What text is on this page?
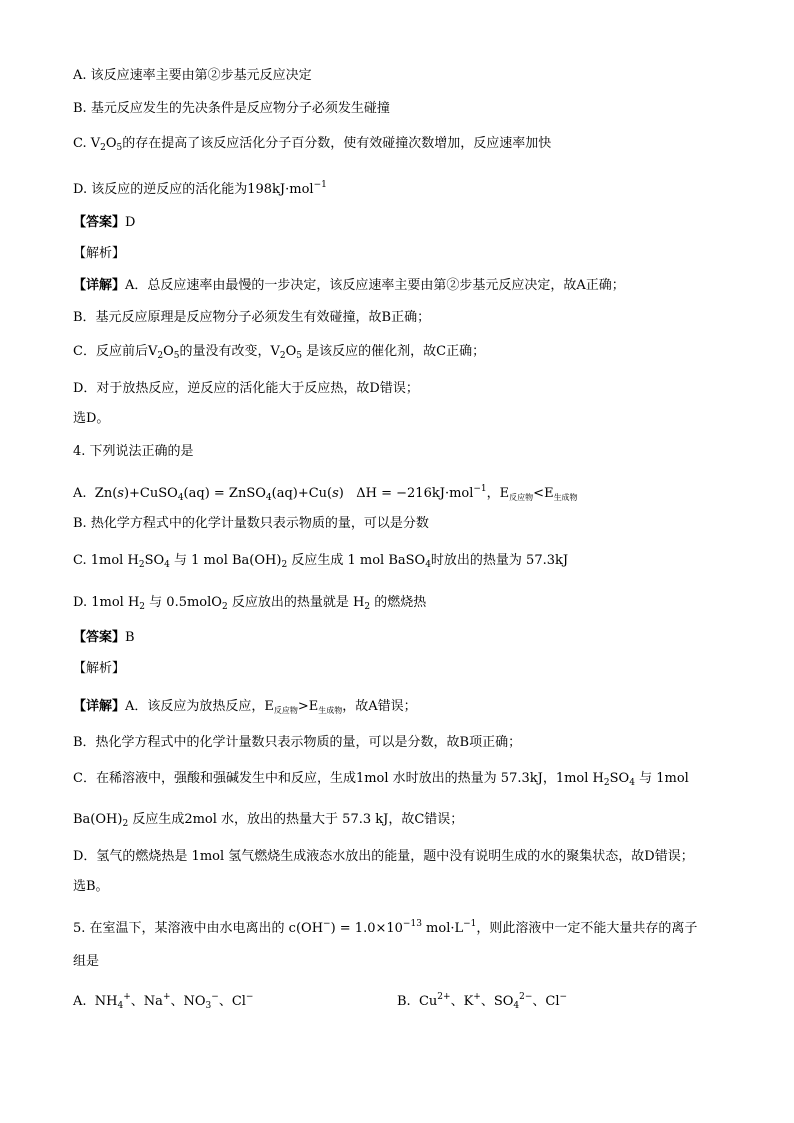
A. 该反应速率主要由第②步基元反应决定
B. 基元反应发生的先决条件是反应物分子必须发生碰撞
C. $V_2O_5$的存在提高了该反应活化分子百分数，使有效碰撞次数增加，反应速率加快
D. 该反应的逆反应的活化能为198kJ·mol$^{-1}$
【答案】D
【解析】
【详解】A．总反应速率由最慢的一步决定，该反应速率主要由第②步基元反应决定，故A正确；
B．基元反应原理是反应物分子必须发生有效碰撞，故B正确；
C．反应前后$V_2O_5$的量没有改变，$V_2O_5$ 是该反应的催化剂，故C正确；
D．对于放热反应，逆反应的活化能大于反应热，故D错误；
选D。
4. 下列说法正确的是
A.  Zn(s)+CuSO$_4$(aq) = ZnSO$_4$(aq)+Cu(s)   ΔH = −216kJ·mol$^{-1}$，$E_{反应物}<E_{生成物}$
B. 热化学方程式中的化学计量数只表示物质的量，可以是分数
C. 1mol $H_2SO_4$ 与 1 mol $Ba(OH)_2$ 反应生成 1 mol BaSO$_4$时放出的热量为 57.3kJ
D. 1mol $H_2$ 与 0.5molO$_2$ 反应放出的热量就是 $H_2$ 的燃烧热
【答案】B
【解析】
【详解】A．该反应为放热反应，$E_{反应物}>E_{生成物}$，故A错误；
B．热化学方程式中的化学计量数只表示物质的量，可以是分数，故B项正确；
C．在稀溶液中，强酸和强碱发生中和反应，生成1mol 水时放出的热量为 57.3kJ，1mol $H_2SO_4$ 与 1mol
$Ba(OH)_2$ 反应生成2mol 水，放出的热量大于 57.3 kJ，故C错误；
D．氢气的燃烧热是 1mol 氢气燃烧生成液态水放出的能量，题中没有说明生成的水的聚集状态，故D错误；
选B。
5. 在室温下，某溶液中由水电离出的 $c(OH^-) = 1.0\times 10^{-13}$ $mol\cdot L^{-1}$，则此溶液中一定不能大量共存的离子
组是
A.  $NH_4^+$、Na+、$NO_3^-$、Cl−	B.  $Cu^{2+}$、K+、$SO_4^{2-}$、Cl−
